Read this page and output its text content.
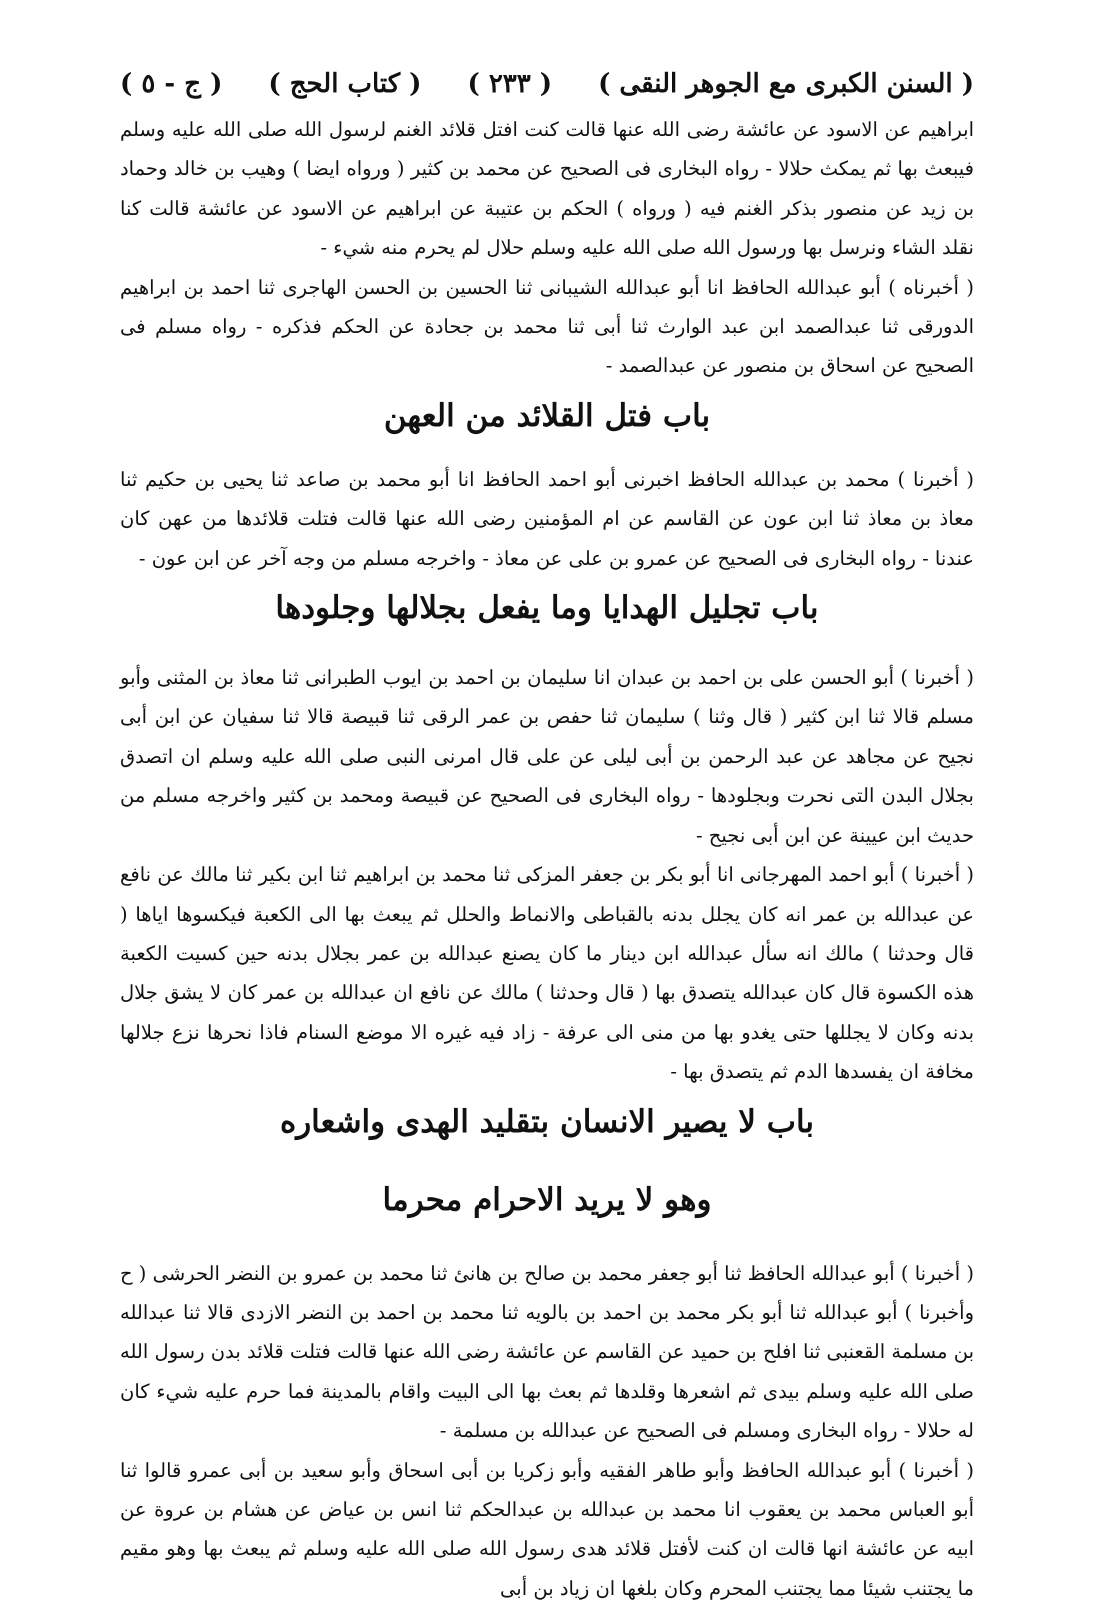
( السنن الكبرى مع الجوهر النقى )
( ٢٣٣ )
( كتاب الحج )
( ج - ٥ )

ابراهيم عن الاسود عن عائشة رضى الله عنها قالت كنت افتل قلائد الغنم لرسول الله صلى الله عليه وسلم فيبعث بها ثم يمكث حلالا - رواه البخارى فى الصحيح عن محمد بن كثير ( ورواه ايضا ) وهيب بن خالد وحماد بن زيد عن منصور بذكر الغنم فيه ( ورواه ) الحكم بن عتيبة عن ابراهيم عن الاسود عن عائشة قالت كنا نقلد الشاء ونرسل بها ورسول الله صلى الله عليه وسلم حلال لم يحرم منه شيء -

( أخبرناه ) أبو عبدالله الحافظ انا أبو عبدالله الشيبانى ثنا الحسين بن الحسن الهاجرى ثنا احمد بن ابراهيم الدورقى ثنا عبدالصمد ابن عبد الوارث ثنا أبى ثنا محمد بن جحادة عن الحكم فذكره - رواه مسلم فى الصحيح عن اسحاق بن منصور عن عبدالصمد -

باب فتل القلائد من العهن

( أخبرنا ) محمد بن عبدالله الحافظ اخبرنى أبو احمد الحافظ انا أبو محمد بن صاعد ثنا يحيى بن حكيم ثنا معاذ بن معاذ ثنا ابن عون عن القاسم عن ام المؤمنين رضى الله عنها قالت فتلت قلائدها من عهن كان عندنا - رواه البخارى فى الصحيح عن عمرو بن على عن معاذ - واخرجه مسلم من وجه آخر عن ابن عون -

باب تجليل الهدايا وما يفعل بجلالها وجلودها

( أخبرنا ) أبو الحسن على بن احمد بن عبدان انا سليمان بن احمد بن ايوب الطبرانى ثنا معاذ بن المثنى وأبو مسلم قالا ثنا ابن كثير ( قال وثنا ) سليمان ثنا حفص بن عمر الرقى ثنا قبيصة قالا ثنا سفيان عن ابن أبى نجيح عن مجاهد عن عبد الرحمن بن أبى ليلى عن على قال امرنى النبى صلى الله عليه وسلم ان اتصدق بجلال البدن التى نحرت وبجلودها - رواه البخارى فى الصحيح عن قبيصة ومحمد بن كثير واخرجه مسلم من حديث ابن عيينة عن ابن أبى نجيح -

( أخبرنا ) أبو احمد المهرجانى انا أبو بكر بن جعفر المزكى ثنا محمد بن ابراهيم ثنا ابن بكير ثنا مالك عن نافع عن عبدالله بن عمر انه كان يجلل بدنه بالقباطى والانماط والحلل ثم يبعث بها الى الكعبة فيكسوها اياها ( قال وحدثنا ) مالك انه سأل عبدالله ابن دينار ما كان يصنع عبدالله بن عمر بجلال بدنه حين كسيت الكعبة هذه الكسوة قال كان عبدالله يتصدق بها ( قال وحدثنا ) مالك عن نافع ان عبدالله بن عمر كان لا يشق جلال بدنه وكان لا يجللها حتى يغدو بها من منى الى عرفة - زاد فيه غيره الا موضع السنام فاذا نحرها نزع جلالها مخافة ان يفسدها الدم ثم يتصدق بها -

باب لا يصير الانسان بتقليد الهدى واشعاره
وهو لا يريد الاحرام محرما

( أخبرنا ) أبو عبدالله الحافظ ثنا أبو جعفر محمد بن صالح بن هانئ ثنا محمد بن عمرو بن النضر الحرشى ( ح وأخبرنا ) أبو عبدالله ثنا أبو بكر محمد بن احمد بن بالويه ثنا محمد بن احمد بن النضر الازدى قالا ثنا عبدالله بن مسلمة القعنبى ثنا افلح بن حميد عن القاسم عن عائشة رضى الله عنها قالت فتلت قلائد بدن رسول الله صلى الله عليه وسلم بيدى ثم اشعرها وقلدها ثم بعث بها الى البيت واقام بالمدينة فما حرم عليه شيء كان له حلالا - رواه البخارى ومسلم فى الصحيح عن عبدالله بن مسلمة -

( أخبرنا ) أبو عبدالله الحافظ وأبو طاهر الفقيه وأبو زكريا بن أبى اسحاق وأبو سعيد بن أبى عمرو قالوا ثنا أبو العباس محمد بن يعقوب انا محمد بن عبدالله بن عبدالحكم ثنا انس بن عياض عن هشام بن عروة عن ابيه عن عائشة انها قالت ان كنت لأفتل قلائد هدى رسول الله صلى الله عليه وسلم ثم يبعث بها وهو مقيم ما يجتنب شيئا مما يجتنب المحرم وكان بلغها ان زياد بن أبى
